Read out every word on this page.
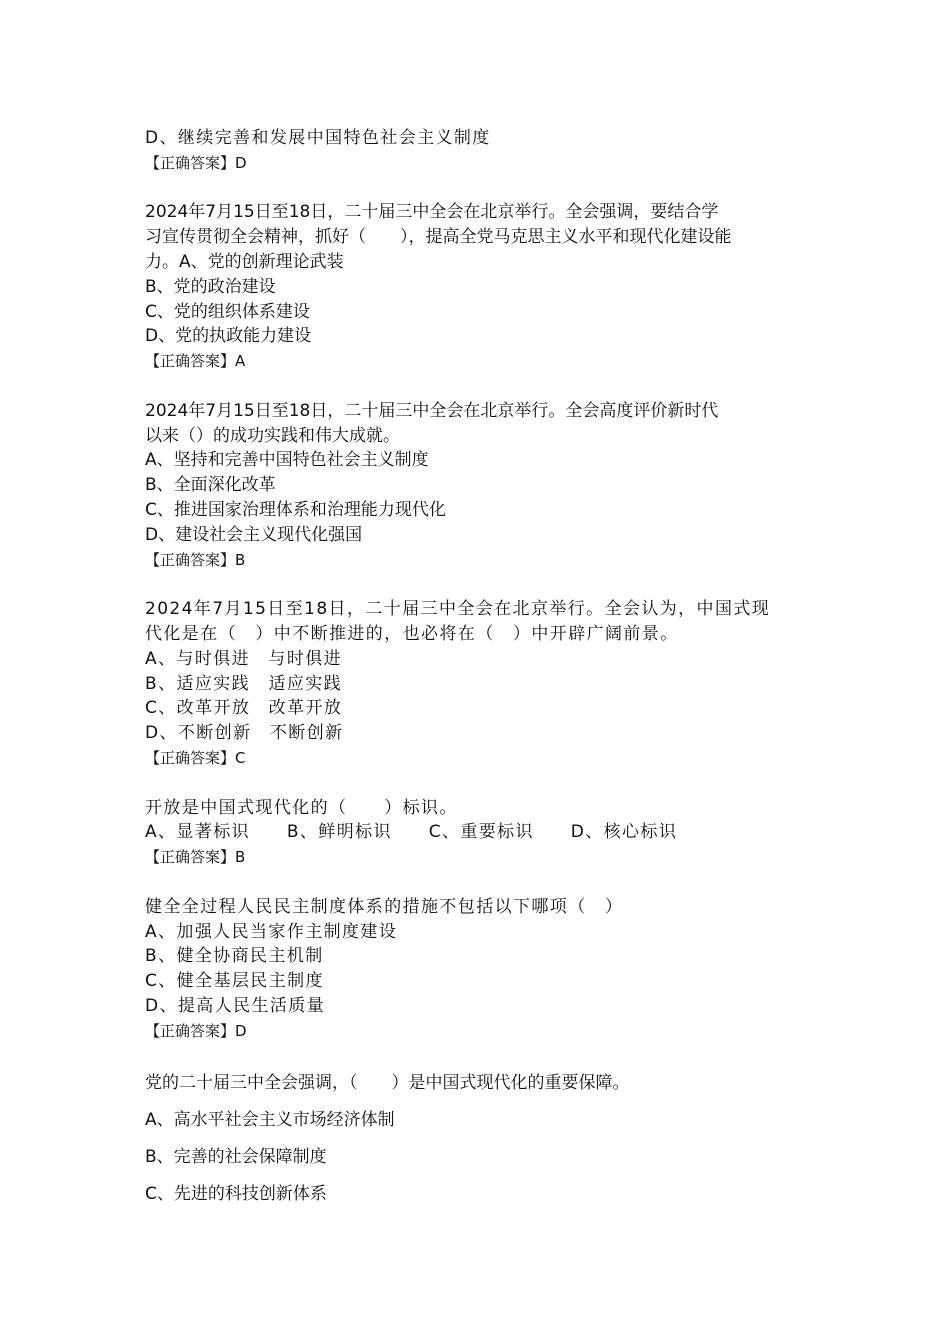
D、继续完善和发展中国特色社会主义制度

【正确答案】D

2024年7月15日至18日，二十届三中全会在北京举行。全会强调，要结合学

习宣传贯彻全会精神，抓好（　　），提高全党马克思主义水平和现代化建设能

力。A、党的创新理论武装

B、党的政治建设

C、党的组织体系建设

D、党的执政能力建设

【正确答案】A

2024年7月15日至18日，二十届三中全会在北京举行。全会高度评价新时代

以来（）的成功实践和伟大成就。

A、坚持和完善中国特色社会主义制度

B、全面深化改革

C、推进国家治理体系和治理能力现代化

D、建设社会主义现代化强国

【正确答案】B

2024年7月15日至18日，二十届三中全会在北京举行。全会认为，中国式现

代化是在（　）中不断推进的，也必将在（　）中开辟广阔前景。

A、与时俱进　与时俱进

B、适应实践　适应实践

C、改革开放　改革开放

D、不断创新　不断创新

【正确答案】C

开放是中国式现代化的（　　）标识。

A、显著标识　　B、鲜明标识　　C、重要标识　　D、核心标识

【正确答案】B

健全全过程人民民主制度体系的措施不包括以下哪项（　）

A、加强人民当家作主制度建设

B、健全协商民主机制

C、健全基层民主制度

D、提高人民生活质量

【正确答案】D

党的二十届三中全会强调，（　　）是中国式现代化的重要保障。

A、高水平社会主义市场经济体制

B、完善的社会保障制度

C、先进的科技创新体系
